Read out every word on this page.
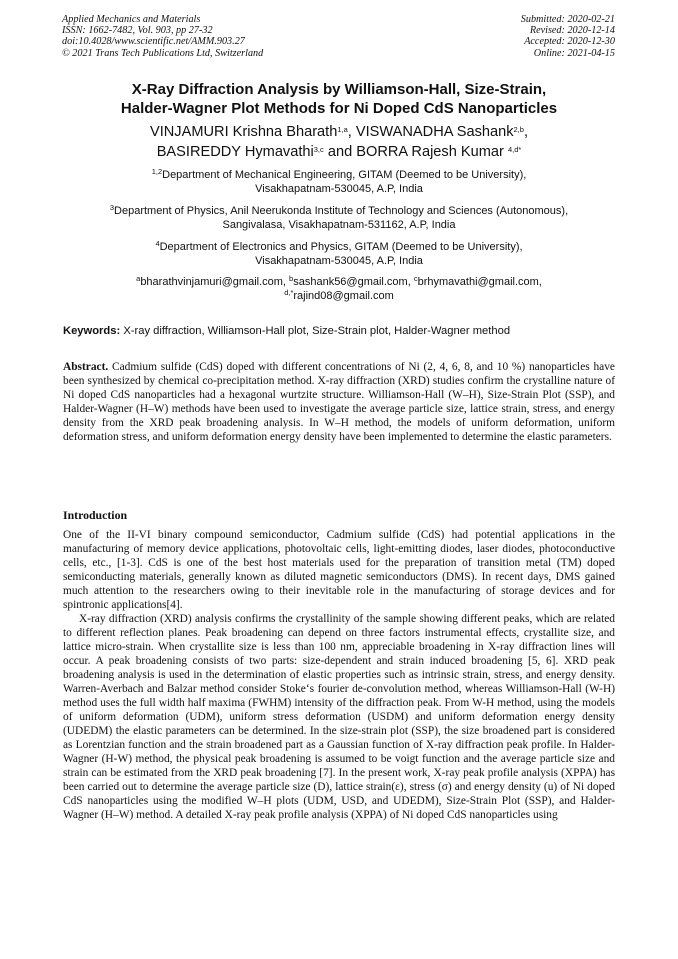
Applied Mechanics and Materials
ISSN: 1662-7482, Vol. 903, pp 27-32
doi:10.4028/www.scientific.net/AMM.903.27
© 2021 Trans Tech Publications Ltd, Switzerland
Submitted: 2020-02-21
Revised: 2020-12-14
Accepted: 2020-12-30
Online: 2021-04-15
X-Ray Diffraction Analysis by Williamson-Hall, Size-Strain,
Halder-Wagner Plot Methods for Ni Doped CdS Nanoparticles
VINJAMURI Krishna Bharath$^{1,a}$, VISWANADHA Sashank$^{2,b}$,
BASIREDDY Hymavathi$^{3,c}$ and BORRA Rajesh Kumar $^{4,d*}$
$^{1,2}$Department of Mechanical Engineering, GITAM (Deemed to be University),
Visakhapatnam-530045, A.P, India
$^3$Department of Physics, Anil Neerukonda Institute of Technology and Sciences (Autonomous),
Sangivalasa, Visakhapatnam-531162, A.P, India
$^4$Department of Electronics and Physics, GITAM (Deemed to be University),
Visakhapatnam-530045, A.P, India
$^a$bharathvinjamuri@gmail.com, $^b$sashank56@gmail.com, $^c$brhymavathi@gmail.com,
$^{d,*}$rajind08@gmail.com
Keywords: X-ray diffraction, Williamson-Hall plot, Size-Strain plot, Halder-Wagner method

Abstract. Cadmium sulfide (CdS) doped with different concentrations of Ni (2, 4, 6, 8, and 10 %) nanoparticles have been synthesized by chemical co-precipitation method. X-ray diffraction (XRD) studies confirm the crystalline nature of Ni doped CdS nanoparticles had a hexagonal wurtzite structure. Williamson-Hall (W–H), Size-Strain Plot (SSP), and Halder-Wagner (H–W) methods have been used to investigate the average particle size, lattice strain, stress, and energy density from the XRD peak broadening analysis. In W–H method, the models of uniform deformation, uniform deformation stress, and uniform deformation energy density have been implemented to determine the elastic parameters.

Introduction

One of the II-VI binary compound semiconductor, Cadmium sulfide (CdS) had potential applications in the manufacturing of memory device applications, photovoltaic cells, light-emitting diodes, laser diodes, photoconductive cells, etc., [1-3]. CdS is one of the best host materials used for the preparation of transition metal (TM) doped semiconducting materials, generally known as diluted magnetic semiconductors (DMS). In recent days, DMS gained much attention to the researchers owing to their inevitable role in the manufacturing of storage devices and for spintronic applications[4].

X-ray diffraction (XRD) analysis confirms the crystallinity of the sample showing different peaks, which are related to different reflection planes. Peak broadening can depend on three factors instrumental effects, crystallite size, and lattice micro-strain. When crystallite size is less than 100 nm, appreciable broadening in X-ray diffraction lines will occur. A peak broadening consists of two parts: size-dependent and strain induced broadening [5, 6]. XRD peak broadening analysis is used in the determination of elastic properties such as intrinsic strain, stress, and energy density. Warren-Averbach and Balzar method consider Stoke‘s fourier de-convolution method, whereas Williamson-Hall (W-H) method uses the full width half maxima (FWHM) intensity of the diffraction peak. From W-H method, using the models of uniform deformation (UDM), uniform stress deformation (USDM) and uniform deformation energy density (UDEDM) the elastic parameters can be determined. In the size-strain plot (SSP), the size broadened part is considered as Lorentzian function and the strain broadened part as a Gaussian function of X-ray diffraction peak profile. In Halder-Wagner (H-W) method, the physical peak broadening is assumed to be voigt function and the average particle size and strain can be estimated from the XRD peak broadening [7]. In the present work, X-ray peak profile analysis (XPPA) has been carried out to determine the average particle size (D), lattice strain(ε), stress (σ) and energy density (u) of Ni doped CdS nanoparticles using the modified W–H plots (UDM, USD, and UDEDM), Size-Strain Plot (SSP), and Halder-Wagner (H–W) method. A detailed X-ray peak profile analysis (XPPA) of Ni doped CdS nanoparticles using
